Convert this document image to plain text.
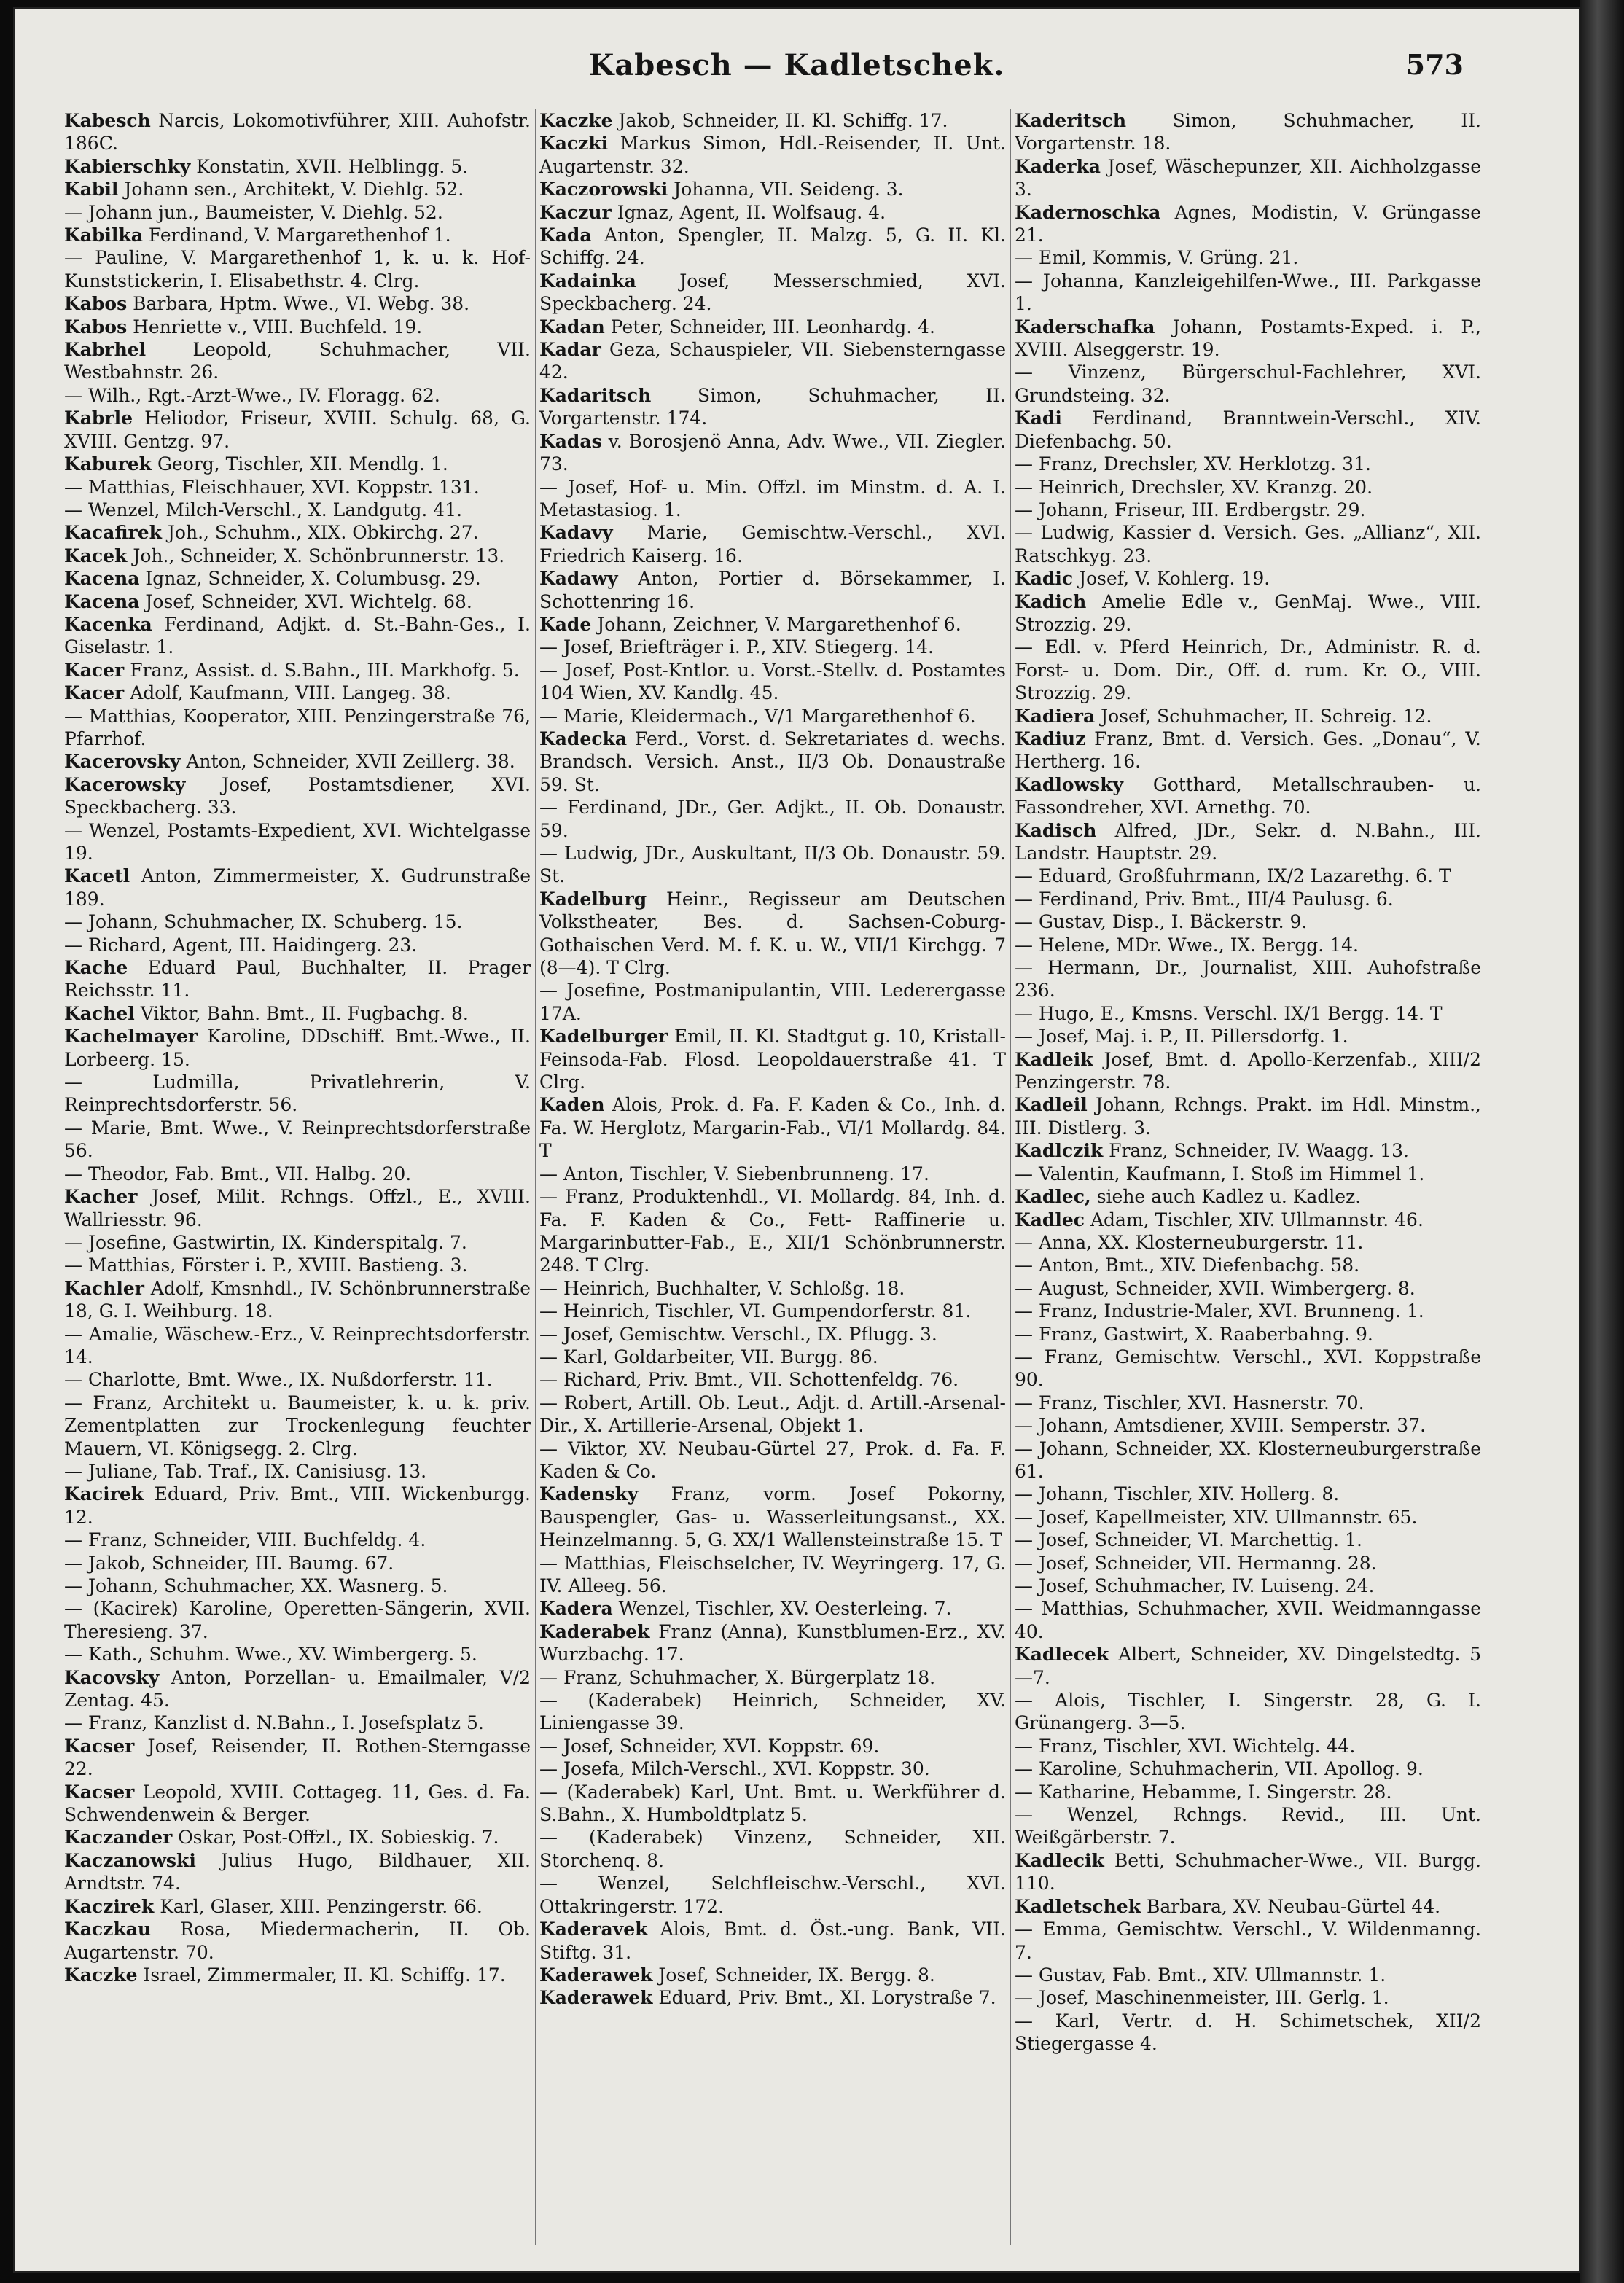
Kabesch — Kadletschek.	573
Kabesch Narcis, Lokomotivführer, XIII. Auhofstr. 186C.
Kabierschky Konstatin, XVII. Helblingg. 5.
Kabil Johann sen., Architekt, V. Diehlg. 52.
— Johann jun., Baumeister, V. Diehlg. 52.
Kabilka Ferdinand, V. Margarethenhof 1.
— Pauline, V. Margarethenhof 1, k. u. k. Hof-Kunststickerin, I. Elisabethstr. 4. Clrg.
Kabos Barbara, Hptm. Wwe., VI. Webg. 38.
Kabos Henriette v., VIII. Buchfeld. 19.
Kabrhel	Leopold, Schuhmacher, VII. Westbahnstr. 26.
— Wilh., Rgt.-Arzt-Wwe., IV. Floragg. 62.
Kabrle Heliodor, Friseur, XVIII. Schulg. 68, G. XVIII. Gentzg. 97.
Kaburek Georg, Tischler, XII. Mendlg. 1.
— Matthias, Fleischhauer, XVI. Koppstr. 131.
— Wenzel, Milch-Verschl., X. Landgutg. 41.
Kacafirek Joh., Schuhm., XIX. Obkirchg. 27.
Kacek Joh., Schneider, X. Schönbrunnerstr. 13.
Kacena Ignaz, Schneider, X. Columbusg. 29.
Kacena Josef, Schneider, XVI. Wichtelg. 68.
Kacenka Ferdinand, Adjkt. d. St.-Bahn-Ges., I. Giselastr. 1.
Kacer Franz, Assist. d. S.Bahn., III. Markhofg. 5.
Kacer Adolf, Kaufmann, VIII. Langeg. 38.
— Matthias, Kooperator, XIII. Penzingerstraße 76, Pfarrhof.
Kacerovsky Anton, Schneider, XVII Zeillerg. 38.
Kacerowsky Josef, Postamtsdiener, XVI. Speckbacherg. 33.
— Wenzel, Postamts-Expedient, XVI. Wichtelgasse 19.
Kacetl Anton, Zimmermeister, X. Gudrunstraße 189.
— Johann, Schuhmacher, IX. Schuberg. 15.
— Richard, Agent, III. Haidingerg. 23.
Kache Eduard Paul, Buchhalter, II. Prager Reichsstr. 11.
Kachel Viktor, Bahn. Bmt., II. Fugbachg. 8.
Kachelmayer Karoline, DDschiff. Bmt.-Wwe., II. Lorbeerg. 15.
— Ludmilla, Privatlehrerin, V. Reinprechtsdorferstr. 56.
— Marie, Bmt. Wwe., V. Reinprechtsdorferstraße 56.
— Theodor, Fab. Bmt., VII. Halbg. 20.
Kacher Josef, Milit. Rchngs. Offzl., E., XVIII. Wallriesstr. 96.
— Josefine, Gastwirtin, IX. Kinderspitalg. 7.
— Matthias, Förster i. P., XVIII. Bastieng. 3.
Kachler Adolf, Kmsnhdl., IV. Schönbrunnerstraße 18, G. I. Weihburg. 18.
— Amalie, Wäschew.-Erz., V. Reinprechtsdorferstr. 14.
— Charlotte, Bmt. Wwe., IX. Nußdorferstr. 11.
— Franz, Architekt u. Baumeister, k. u. k. priv. Zementplatten zur Trockenlegung feuchter Mauern, VI. Königsegg. 2. Clrg.
— Juliane, Tab. Traf., IX. Canisiusg. 13.
Kacirek Eduard, Priv. Bmt., VIII. Wickenburgg. 12.
— Franz, Schneider, VIII. Buchfeldg. 4.
— Jakob, Schneider, III. Baumg. 67.
— Johann, Schuhmacher, XX. Wasnerg. 5.
— (Kacirek) Karoline, Operetten-Sängerin, XVII. Theresieng. 37.
— Kath., Schuhm. Wwe., XV. Wimbergerg. 5.
Kacovsky Anton, Porzellan- u. Emailmaler, V/2 Zentag. 45.
— Franz, Kanzlist d. N.Bahn., I. Josefsplatz 5.
Kacser Josef, Reisender, II. Rothen-Sterngasse 22.
Kacser Leopold, XVIII. Cottageg. 11, Ges. d. Fa. Schwendenwein & Berger.
Kaczander Oskar, Post-Offzl., IX. Sobieskig. 7.
Kaczanowski Julius Hugo, Bildhauer, XII. Arndtstr. 74.
Kaczirek Karl, Glaser, XIII. Penzingerstr. 66.
Kaczkau Rosa, Miedermacherin, II. Ob. Augartenstr. 70.
Kaczke Israel, Zimmermaler, II. Kl. Schiffg. 17.
Kaczke Jakob, Schneider, II. Kl. Schiffg. 17.
Kaczki Markus Simon, Hdl.-Reisender, II. Unt. Augartenstr. 32.
Kaczorowski Johanna, VII. Seideng. 3.
Kaczur Ignaz, Agent, II. Wolfsaug. 4.
Kada Anton, Spengler, II. Malzg. 5, G. II. Kl. Schiffg. 24.
Kadainka Josef, Messerschmied, XVI. Speckbacherg. 24.
Kadan Peter, Schneider, III. Leonhardg. 4.
Kadar Geza, Schauspieler, VII. Siebensterngasse 42.
Kadaritsch	Simon, Schuhmacher, II. Vorgartenstr. 174.
Kadas v. Borosjenö Anna, Adv. Wwe., VII. Ziegler. 73.
— Josef, Hof- u. Min. Offzl. im Minstm. d. A. I. Metastasiog. 1.
Kadavy Marie, Gemischtw.-Verschl., XVI. Friedrich Kaiserg. 16.
Kadawy Anton, Portier d. Börsekammer, I. Schottenring 16.
Kade Johann, Zeichner, V. Margarethenhof 6.
— Josef, Briefträger i. P., XIV. Stiegerg. 14.
— Josef, Post-Kntlor. u. Vorst.-Stellv. d. Postamtes 104 Wien, XV. Kandlg. 45.
— Marie, Kleidermach., V/1 Margarethenhof 6.
Kadecka Ferd., Vorst. d. Sekretariates d. wechs. Brandsch. Versich. Anst., II/3 Ob. Donaustraße 59. St.
— Ferdinand, JDr., Ger. Adjkt., II. Ob. Donaustr. 59.
— Ludwig, JDr., Auskultant, II/3 Ob. Donaustr. 59. St.
Kadelburg Heinr., Regisseur am Deutschen Volkstheater, Bes. d. Sachsen-Coburg-Gothaischen Verd. M. f. K. u. W., VII/1 Kirchgg. 7 (8—4). T Clrg.
— Josefine, Postmanipulantin, VIII. Lederergasse 17A.
Kadelburger Emil, II. Kl. Stadtgut g. 10, Kristall-Feinsoda-Fab. Flosd. Leopoldauerstraße 41. T Clrg.
Kaden Alois, Prok. d. Fa. F. Kaden & Co., Inh. d. Fa. W. Herglotz, Margarin-Fab., VI/1 Mollardg. 84. T
— Anton, Tischler, V. Siebenbrunneng. 17.
— Franz, Produktenhdl., VI. Mollardg. 84, Inh. d. Fa. F. Kaden & Co., Fett- Raffinerie u. Margarinbutter-Fab., E., XII/1 Schönbrunnerstr. 248. T Clrg.
— Heinrich, Buchhalter, V. Schloßg. 18.
— Heinrich, Tischler, VI. Gumpendorferstr. 81.
— Josef, Gemischtw. Verschl., IX. Pflugg. 3.
— Karl, Goldarbeiter, VII. Burgg. 86.
— Richard, Priv. Bmt., VII. Schottenfeldg. 76.
— Robert, Artill. Ob. Leut., Adjt. d. Artill.-Arsenal-Dir., X. Artillerie-Arsenal, Objekt 1.
— Viktor, XV. Neubau-Gürtel 27, Prok. d. Fa. F. Kaden & Co.
Kadensky Franz, vorm. Josef Pokorny, Bauspengler, Gas- u. Wasserleitungsanst., XX. Heinzelmanng. 5, G. XX/1 Wallensteinstraße 15. T
— Matthias, Fleischselcher, IV. Weyringerg. 17, G. IV. Alleeg. 56.
Kadera Wenzel, Tischler, XV. Oesterleing. 7.
Kaderabek Franz (Anna), Kunstblumen-Erz., XV. Wurzbachg. 17.
— Franz, Schuhmacher, X. Bürgerplatz 18.
— (Kaderabek) Heinrich, Schneider, XV. Liniengasse 39.
— Josef, Schneider, XVI. Koppstr. 69.
— Josefa, Milch-Verschl., XVI. Koppstr. 30.
— (Kaderabek) Karl, Unt. Bmt. u. Werkführer d. S.Bahn., X. Humboldtplatz 5.
— (Kaderabek) Vinzenz, Schneider, XII. Storchenq. 8.
— Wenzel, Selchfleischw.-Verschl., XVI. Ottakringerstr. 172.
Kaderavek Alois, Bmt. d. Öst.-ung. Bank, VII. Stiftg. 31.
Kaderawek Josef, Schneider, IX. Bergg. 8.
Kaderawek Eduard, Priv. Bmt., XI. Lorystraße 7.
Kaderitsch	Simon, Schuhmacher, II. Vorgartenstr. 18.
Kaderka Josef, Wäschepunzer, XII. Aichholzgasse 3.
Kadernoschka Agnes, Modistin, V. Grüngasse 21.
— Emil, Kommis, V. Grüng. 21.
— Johanna, Kanzleigehilfen-Wwe., III. Parkgasse 1.
Kaderschafka Johann, Postamts-Exped. i. P., XVIII. Alseggerstr. 19.
— Vinzenz, Bürgerschul-Fachlehrer, XVI. Grundsteing. 32.
Kadi Ferdinand, Branntwein-Verschl., XIV. Diefenbachg. 50.
— Franz, Drechsler, XV. Herklotzg. 31.
— Heinrich, Drechsler, XV. Kranzg. 20.
— Johann, Friseur, III. Erdbergstr. 29.
— Ludwig, Kassier d. Versich. Ges. „Allianz“, XII. Ratschkyg. 23.
Kadic Josef, V. Kohlerg. 19.
Kadich Amelie Edle v., GenMaj. Wwe., VIII. Strozzig. 29.
— Edl. v. Pferd Heinrich, Dr., Administr. R. d. Forst- u. Dom. Dir., Off. d. rum. Kr. O., VIII. Strozzig. 29.
Kadiera Josef, Schuhmacher, II. Schreig. 12.
Kadiuz Franz, Bmt. d. Versich. Ges. „Donau“, V. Hertherg. 16.
Kadlowsky Gotthard, Metallschrauben- u. Fassondreher, XVI. Arnethg. 70.
Kadisch Alfred, JDr., Sekr. d. N.Bahn., III. Landstr. Hauptstr. 29.
— Eduard, Großfuhrmann, IX/2 Lazarethg. 6. T
— Ferdinand, Priv. Bmt., III/4 Paulusg. 6.
— Gustav, Disp., I. Bäckerstr. 9.
— Helene, MDr. Wwe., IX. Bergg. 14.
— Hermann, Dr., Journalist, XIII. Auhofstraße 236.
— Hugo, E., Kmsns. Verschl. IX/1 Bergg. 14. T
— Josef, Maj. i. P., II. Pillersdorfg. 1.
Kadleik Josef, Bmt. d. Apollo-Kerzenfab., XIII/2 Penzingerstr. 78.
Kadleil Johann, Rchngs. Prakt. im Hdl. Minstm., III. Distlerg. 3.
Kadlczik Franz, Schneider, IV. Waagg. 13.
— Valentin, Kaufmann, I. Stoß im Himmel 1.
Kadlec, siehe auch Kadlez u. Kadlez.
Kadlec Adam, Tischler, XIV. Ullmannstr. 46.
— Anna, XX. Klosterneuburgerstr. 11.
— Anton, Bmt., XIV. Diefenbachg. 58.
— August, Schneider, XVII. Wimbergerg. 8.
— Franz, Industrie-Maler, XVI. Brunneng. 1.
— Franz, Gastwirt, X. Raaberbahng. 9.
— Franz, Gemischtw. Verschl., XVI. Koppstraße 90.
— Franz, Tischler, XVI. Hasnerstr. 70.
— Johann, Amtsdiener, XVIII. Semperstr. 37.
— Johann, Schneider, XX. Klosterneuburgerstraße 61.
— Johann, Tischler, XIV. Hollerg. 8.
— Josef, Kapellmeister, XIV. Ullmannstr. 65.
— Josef, Schneider, VI. Marchettig. 1.
— Josef, Schneider, VII. Hermanng. 28.
— Josef, Schuhmacher, IV. Luiseng. 24.
— Matthias, Schuhmacher, XVII. Weidmanngasse 40.
Kadlecek Albert, Schneider, XV. Dingelstedtg. 5—7.
— Alois, Tischler, I. Singerstr. 28, G. I. Grünangerg. 3—5.
— Franz, Tischler, XVI. Wichtelg. 44.
— Karoline, Schuhmacherin, VII. Apollog. 9.
— Katharine, Hebamme, I. Singerstr. 28.
— Wenzel, Rchngs. Revid., III. Unt. Weißgärberstr. 7.
Kadlecik Betti, Schuhmacher-Wwe., VII. Burgg. 110.
Kadletschek Barbara, XV. Neubau-Gürtel 44.
— Emma, Gemischtw. Verschl., V. Wildenmanng. 7.
— Gustav, Fab. Bmt., XIV. Ullmannstr. 1.
— Josef, Maschinenmeister, III. Gerlg. 1.
— Karl, Vertr. d. H. Schimetschek, XII/2 Stiegergasse 4.
